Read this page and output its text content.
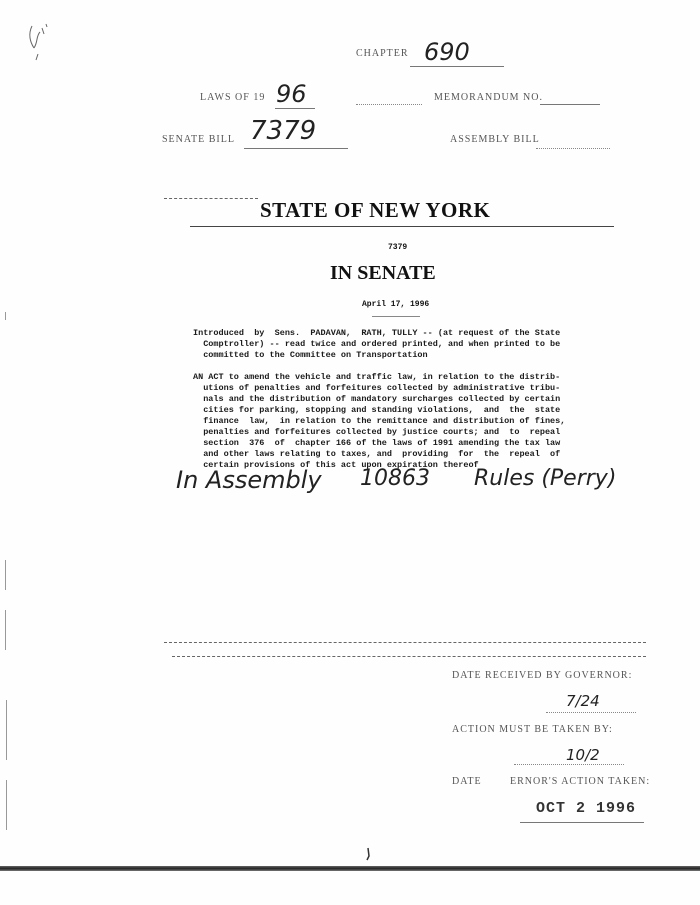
CHAPTER 690
LAWS OF 19 96	MEMORANDUM NO.
SENATE BILL 7379	ASSEMBLY BILL
STATE OF NEW YORK
7379
IN SENATE
April 17, 1996
Introduced  by  Sens.  PADAVAN,  RATH, TULLY -- (at request of the State
Comptroller) -- read twice and ordered printed, and when printed to be
committed to the Committee on Transportation
AN ACT to amend the vehicle and traffic law, in relation to the distrib-
utions of penalties and forfeitures collected by administrative tribu-
nals and the distribution of mandatory surcharges collected by certain
cities for parking, stopping and standing violations,  and  the  state
finance  law,  in relation to the remittance and distribution of fines,
penalties and forfeitures collected by justice courts; and  to  repeal
section  376  of  chapter 166 of the laws of 1991 amending the tax law
and other laws relating to taxes, and  providing  for  the  repeal  of
certain provisions of this act upon expiration thereof
In Assembly 10863 Rules (Perry)
DATE RECEIVED BY GOVERNOR:
7/24
ACTION MUST BE TAKEN BY:
10/2
DATE	ERNOR'S ACTION TAKEN:
OCT 2 1996
